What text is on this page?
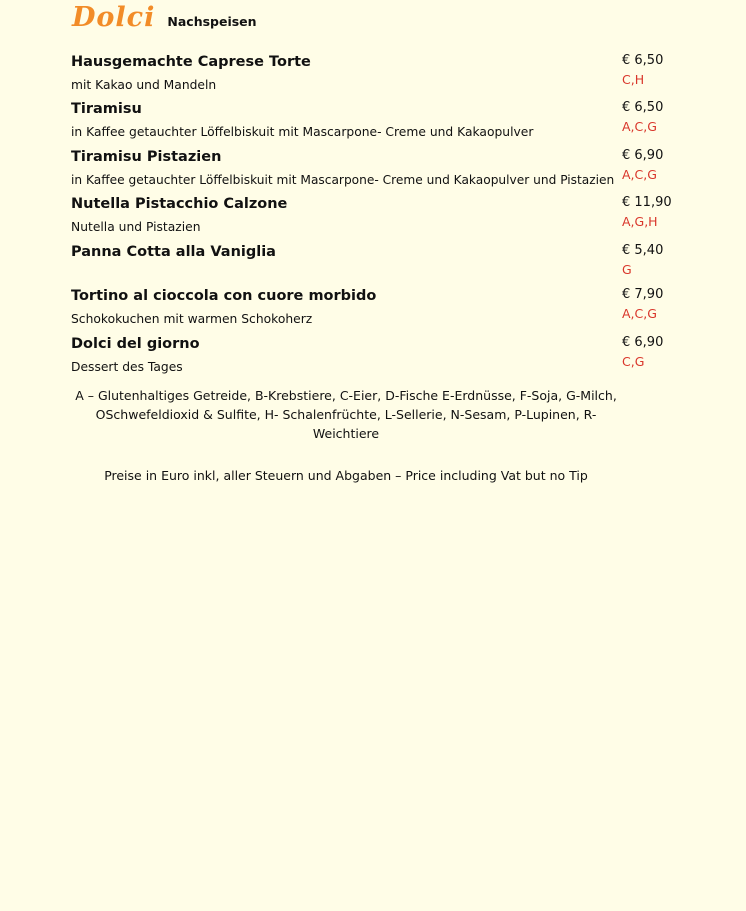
Dolci Nachspeisen
Hausgemachte Caprese Torte
mit Kakao und Mandeln
€ 6,50
C,H
Tiramisu
in Kaffee getauchter Löffelbiskuit mit Mascarpone- Creme und Kakaopulver
€ 6,50
A,C,G
Tiramisu Pistazien
in Kaffee getauchter Löffelbiskuit mit Mascarpone- Creme und Kakaopulver und Pistazien
€ 6,90
A,C,G
Nutella Pistacchio Calzone
Nutella und Pistazien
€ 11,90
A,G,H
Panna Cotta alla Vaniglia	€ 5,40
G
Tortino al cioccola con cuore morbido
Schokokuchen mit warmen Schokoherz
€ 7,90
A,C,G
Dolci del giorno
Dessert des Tages
€ 6,90
C,G
A – Glutenhaltiges Getreide, B-Krebstiere, C-Eier, D-Fische E-Erdnüsse, F-Soja, G-Milch, OSchwefeldioxid & Sulfite, H- Schalenfrüchte, L-Sellerie, N-Sesam, P-Lupinen, R-Weichtiere
Preise in Euro inkl, aller Steuern und Abgaben – Price including Vat but no Tip
